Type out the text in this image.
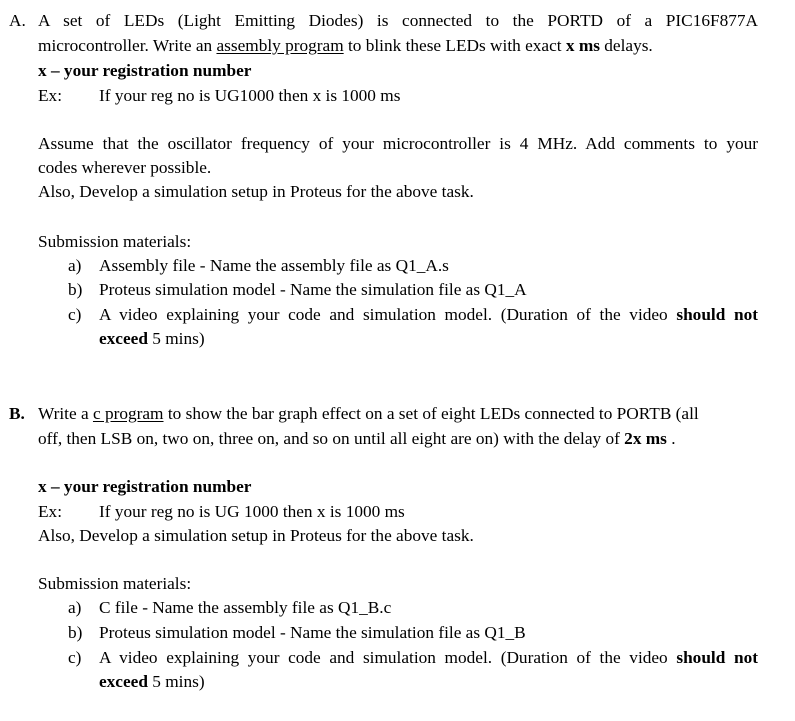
A. A set of LEDs (Light Emitting Diodes) is connected to the PORTD of a PIC16F877A
microcontroller. Write an assembly program to blink these LEDs with exact x ms delays.
x – your registration number
Ex: If your reg no is UG1000 then x is 1000 ms
Assume that the oscillator frequency of your microcontroller is 4 MHz. Add comments to your
codes wherever possible.
Also, Develop a simulation setup in Proteus for the above task.
Submission materials:
a) Assembly file - Name the assembly file as Q1_A.s
b) Proteus simulation model - Name the simulation file as Q1_A
c) A video explaining your code and simulation model. (Duration of the video should not
exceed 5 mins)
B. Write a c program to show the bar graph effect on a set of eight LEDs connected to PORTB (all
off, then LSB on, two on, three on, and so on until all eight are on) with the delay of 2x ms .
x – your registration number
Ex: If your reg no is UG 1000 then x is 1000 ms
Also, Develop a simulation setup in Proteus for the above task.
Submission materials:
a) C file - Name the assembly file as Q1_B.c
b) Proteus simulation model - Name the simulation file as Q1_B
c) A video explaining your code and simulation model. (Duration of the video should not
exceed 5 mins)
